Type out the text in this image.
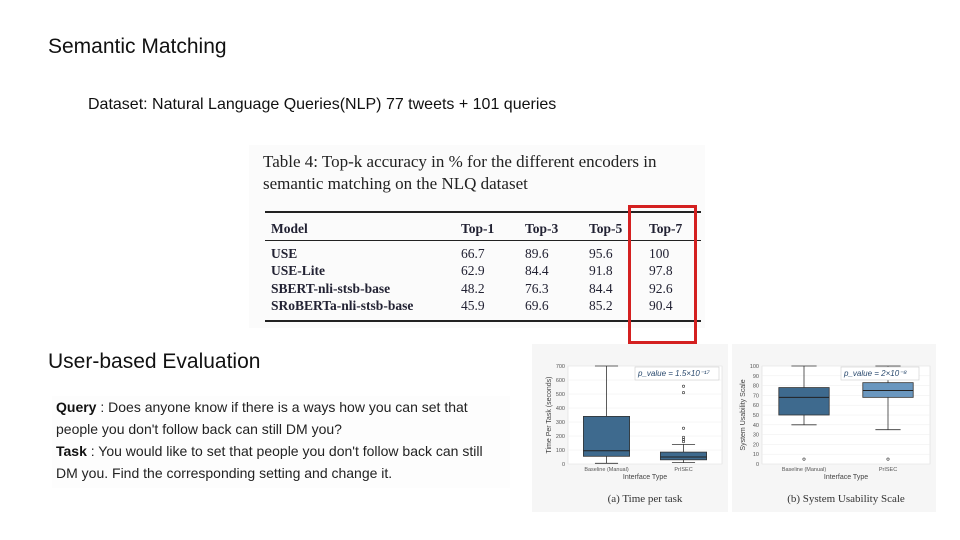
Semantic Matching
Dataset: Natural Language Queries(NLP) 77 tweets + 101 queries
Table 4: Top-k accuracy in % for the different encoders in
semantic matching on the NLQ dataset
Model	Top-1	Top-3	Top-5	Top-7

USE	66.7	89.6	95.6	100
USE-Lite	62.9	84.4	91.8	97.8
SBERT-nli-stsb-base	48.2	76.3	84.4	92.6
SRoBERTa-nli-stsb-base	45.9	69.6	85.2	90.4
User-based Evaluation

Query : Does anyone know if there is a ways how you can set that

people you don't follow back can still DM you?

Task : You would like to set that people you don't follow back can still

DM you. Find the corresponding setting and change it.	0
100
200
300
400
500
600
700
Time Per Task (seconds)
Baseline (Manual)	PrISEC
Interface Type
p_value = 1.5×10⁻¹⁷
(a) Time per task
0
10
20
30
40
50
60
70
80
90
100
System Usability Scale
Baseline (Manual)	PrISEC
Interface Type
p_value = 2×10⁻⁸
(b) System Usability Scale
